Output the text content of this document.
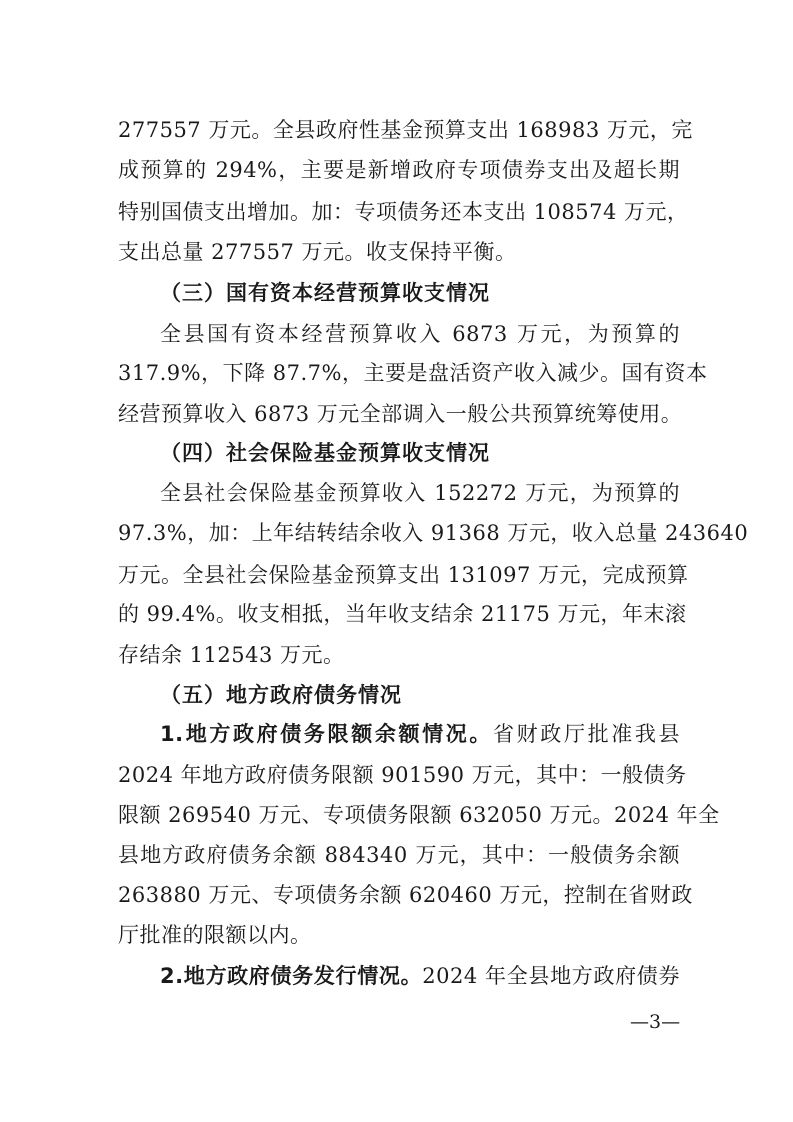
277557 万元。全县政府性基金预算支出 168983 万元，完
成预算的 294%，主要是新增政府专项债券支出及超长期
特别国债支出增加。加：专项债务还本支出 108574 万元，
支出总量 277557 万元。收支保持平衡。
（三）国有资本经营预算收支情况
全县国有资本经营预算收入 6873 万元，为预算的
317.9%，下降 87.7%，主要是盘活资产收入减少。国有资本
经营预算收入 6873 万元全部调入一般公共预算统筹使用。
（四）社会保险基金预算收支情况
全县社会保险基金预算收入 152272 万元，为预算的
97.3%，加：上年结转结余收入 91368 万元，收入总量 243640
万元。全县社会保险基金预算支出 131097 万元，完成预算
的 99.4%。收支相抵，当年收支结余 21175 万元，年末滚
存结余 112543 万元。
（五）地方政府债务情况
1.地方政府债务限额余额情况。省财政厅批准我县
2024 年地方政府债务限额 901590 万元，其中：一般债务
限额 269540 万元、专项债务限额 632050 万元。2024 年全
县地方政府债务余额 884340 万元，其中：一般债务余额
263880 万元、专项债务余额 620460 万元，控制在省财政
厅批准的限额以内。
2.地方政府债务发行情况。2024 年全县地方政府债券
—3—
